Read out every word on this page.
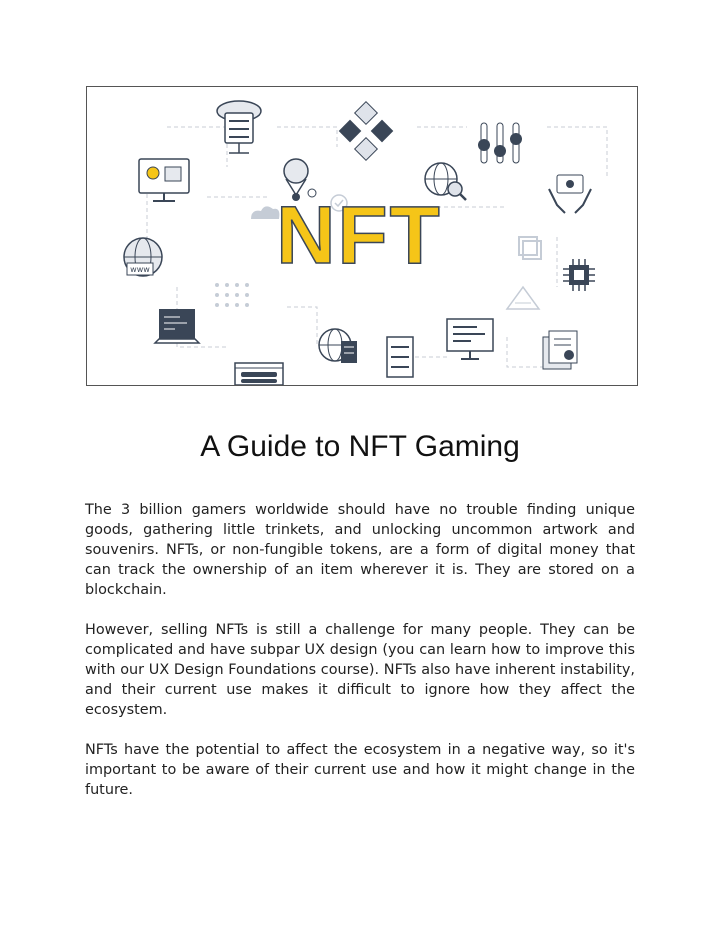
www NFT
A Guide to NFT Gaming

The 3 billion gamers worldwide should have no trouble finding unique goods, gathering little trinkets, and unlocking uncommon artwork and souvenirs. NFTs, or non-fungible tokens, are a form of digital money that can track the ownership of an item wherever it is. They are stored on a blockchain.

However, selling NFTs is still a challenge for many people. They can be complicated and have subpar UX design (you can learn how to improve this with our UX Design Foundations course). NFTs also have inherent instability, and their current use makes it difficult to ignore how they affect the ecosystem.

NFTs have the potential to affect the ecosystem in a negative way, so it's important to be aware of their current use and how it might change in the future.
